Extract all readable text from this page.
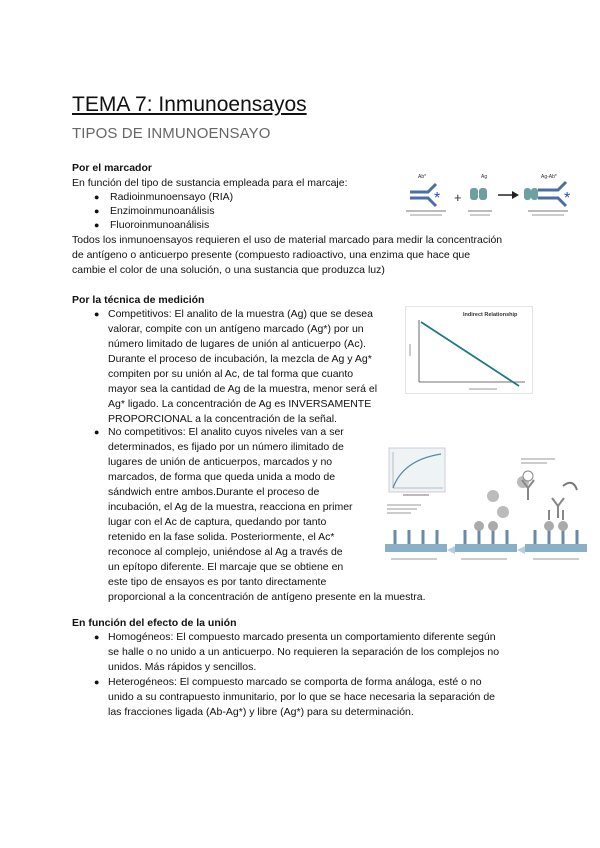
TEMA 7: Inmunoensayos
TIPOS DE INMUNOENSAYO
Por el marcador
En función del tipo de sustancia empleada para el marcaje:
● Radioinmunoensayo (RIA)
● Enzimoinmunoanálisis
● Fluoroinmunoanálisis
Todos los inmunoensayos requieren el uso de material marcado para medir la concentración
de antígeno o anticuerpo presente (compuesto radioactivo, una enzima que hace que
cambie el color de una solución, o una sustancia que produzca luz)
Ab*	Ag	Ag-Ab*
* +	*
Por la técnica de medición
● Competitivos: El analito de la muestra (Ag) que se desea
valorar, compite con un antígeno marcado (Ag*) por un
número limitado de lugares de unión al anticuerpo (Ac).
Durante el proceso de incubación, la mezcla de Ag y Ag*
compiten por su unión al Ac, de tal forma que cuanto
mayor sea la cantidad de Ag de la muestra, menor será el
Ag* ligado. La concentración de Ag es INVERSAMENTE
PROPORCIONAL a la concentración de la señal.
Indirect Relationship
● No competitivos: El analito cuyos niveles van a ser
determinados, es fijado por un número ilimitado de
lugares de unión de anticuerpos, marcados y no
marcados, de forma que queda unida a modo de
sándwich entre ambos.Durante el proceso de
incubación, el Ag de la muestra, reacciona en primer
lugar con el Ac de captura, quedando por tanto
retenido en la fase solida. Posteriormente, el Ac*
reconoce al complejo, uniéndose al Ag a través de
un epítopo diferente. El marcaje que se obtiene en
este tipo de ensayos es por tanto directamente
proporcional a la concentración de antígeno presente en la muestra.
En función del efecto de la unión
● Homogéneos: El compuesto marcado presenta un comportamiento diferente según
se halle o no unido a un anticuerpo. No requieren la separación de los complejos no
unidos. Más rápidos y sencillos.
● Heterogéneos: El compuesto marcado se comporta de forma análoga, esté o no
unido a su contrapuesto inmunitario, por lo que se hace necesaria la separación de
las fracciones ligada (Ab-Ag*) y libre (Ag*) para su determinación.
